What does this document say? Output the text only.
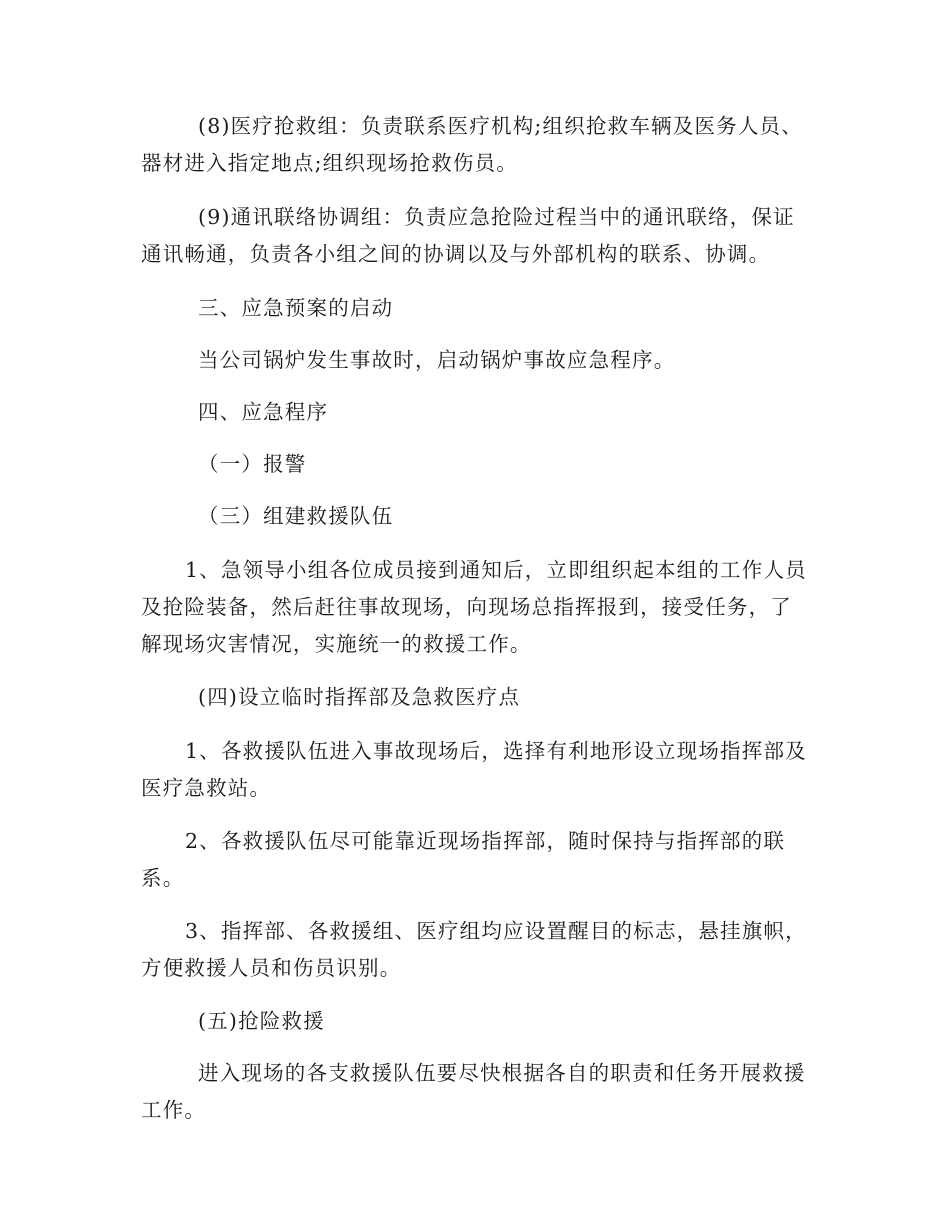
(8)医疗抢救组：负责联系医疗机构;组织抢救车辆及医务人员、
器材进入指定地点;组织现场抢救伤员。
(9)通讯联络协调组：负责应急抢险过程当中的通讯联络，保证
通讯畅通，负责各小组之间的协调以及与外部机构的联系、协调。
三、应急预案的启动
当公司锅炉发生事故时，启动锅炉事故应急程序。
四、应急程序
（一）报警
（三）组建救援队伍
1、急领导小组各位成员接到通知后，立即组织起本组的工作人员
及抢险装备，然后赶往事故现场，向现场总指挥报到，接受任务，了
解现场灾害情况，实施统一的救援工作。
(四)设立临时指挥部及急救医疗点
1、各救援队伍进入事故现场后，选择有利地形设立现场指挥部及
医疗急救站。
2、各救援队伍尽可能靠近现场指挥部，随时保持与指挥部的联
系。
3、指挥部、各救援组、医疗组均应设置醒目的标志，悬挂旗帜，
方便救援人员和伤员识别。
(五)抢险救援
进入现场的各支救援队伍要尽快根据各自的职责和任务开展救援
工作。
